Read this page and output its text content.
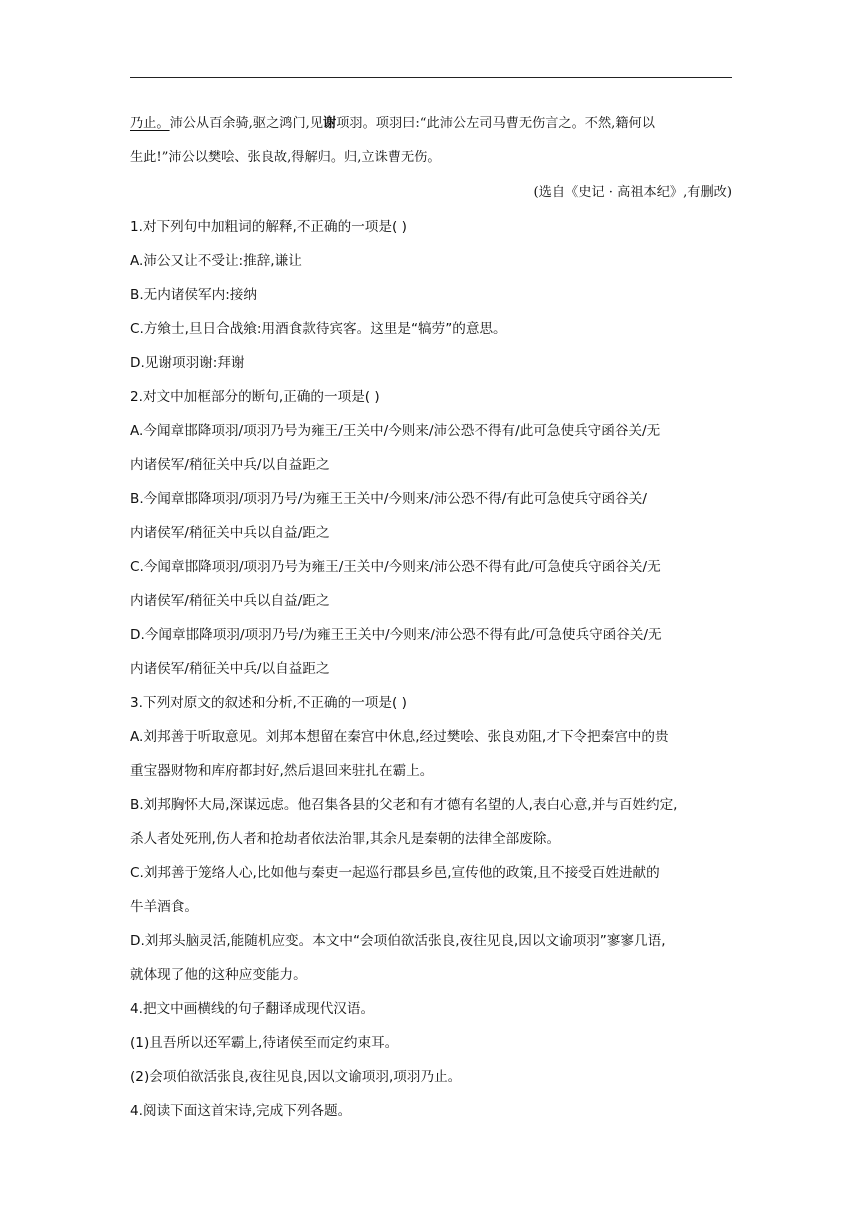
乃止。沛公从百余骑,驱之鸿门,见谢项羽。项羽曰:“此沛公左司马曹无伤言之。不然,籍何以
生此!”沛公以樊哙、张良故,得解归。归,立诛曹无伤。
(选自《史记 · 高祖本纪》,有删改)
1.对下列句中加粗词的解释,不正确的一项是( )
A.沛公又让不受让:推辞,谦让
B.无内诸侯军内:接纳
C.方飨士,旦日合战飨:用酒食款待宾客。这里是“犒劳”的意思。
D.见谢项羽谢:拜谢
2.对文中加框部分的断句,正确的一项是( )
A.今闻章邯降项羽/项羽乃号为雍王/王关中/今则来/沛公恐不得有/此可急使兵守函谷关/无
内诸侯军/稍征关中兵/以自益距之
B.今闻章邯降项羽/项羽乃号/为雍王王关中/今则来/沛公恐不得/有此可急使兵守函谷关/
内诸侯军/稍征关中兵以自益/距之
C.今闻章邯降项羽/项羽乃号为雍王/王关中/今则来/沛公恐不得有此/可急使兵守函谷关/无
内诸侯军/稍征关中兵以自益/距之
D.今闻章邯降项羽/项羽乃号/为雍王王关中/今则来/沛公恐不得有此/可急使兵守函谷关/无
内诸侯军/稍征关中兵/以自益距之
3.下列对原文的叙述和分析,不正确的一项是( )
A.刘邦善于听取意见。刘邦本想留在秦宫中休息,经过樊哙、张良劝阻,才下令把秦宫中的贵
重宝器财物和库府都封好,然后退回来驻扎在霸上。
B.刘邦胸怀大局,深谋远虑。他召集各县的父老和有才德有名望的人,表白心意,并与百姓约定,
杀人者处死刑,伤人者和抢劫者依法治罪,其余凡是秦朝的法律全部废除。
C.刘邦善于笼络人心,比如他与秦吏一起巡行郡县乡邑,宣传他的政策,且不接受百姓进献的
牛羊酒食。
D.刘邦头脑灵活,能随机应变。本文中“会项伯欲活张良,夜往见良,因以文谕项羽”寥寥几语,
就体现了他的这种应变能力。
4.把文中画横线的句子翻译成现代汉语。
(1)且吾所以还军霸上,待诸侯至而定约束耳。
(2)会项伯欲活张良,夜往见良,因以文谕项羽,项羽乃止。
4.阅读下面这首宋诗,完成下列各题。
